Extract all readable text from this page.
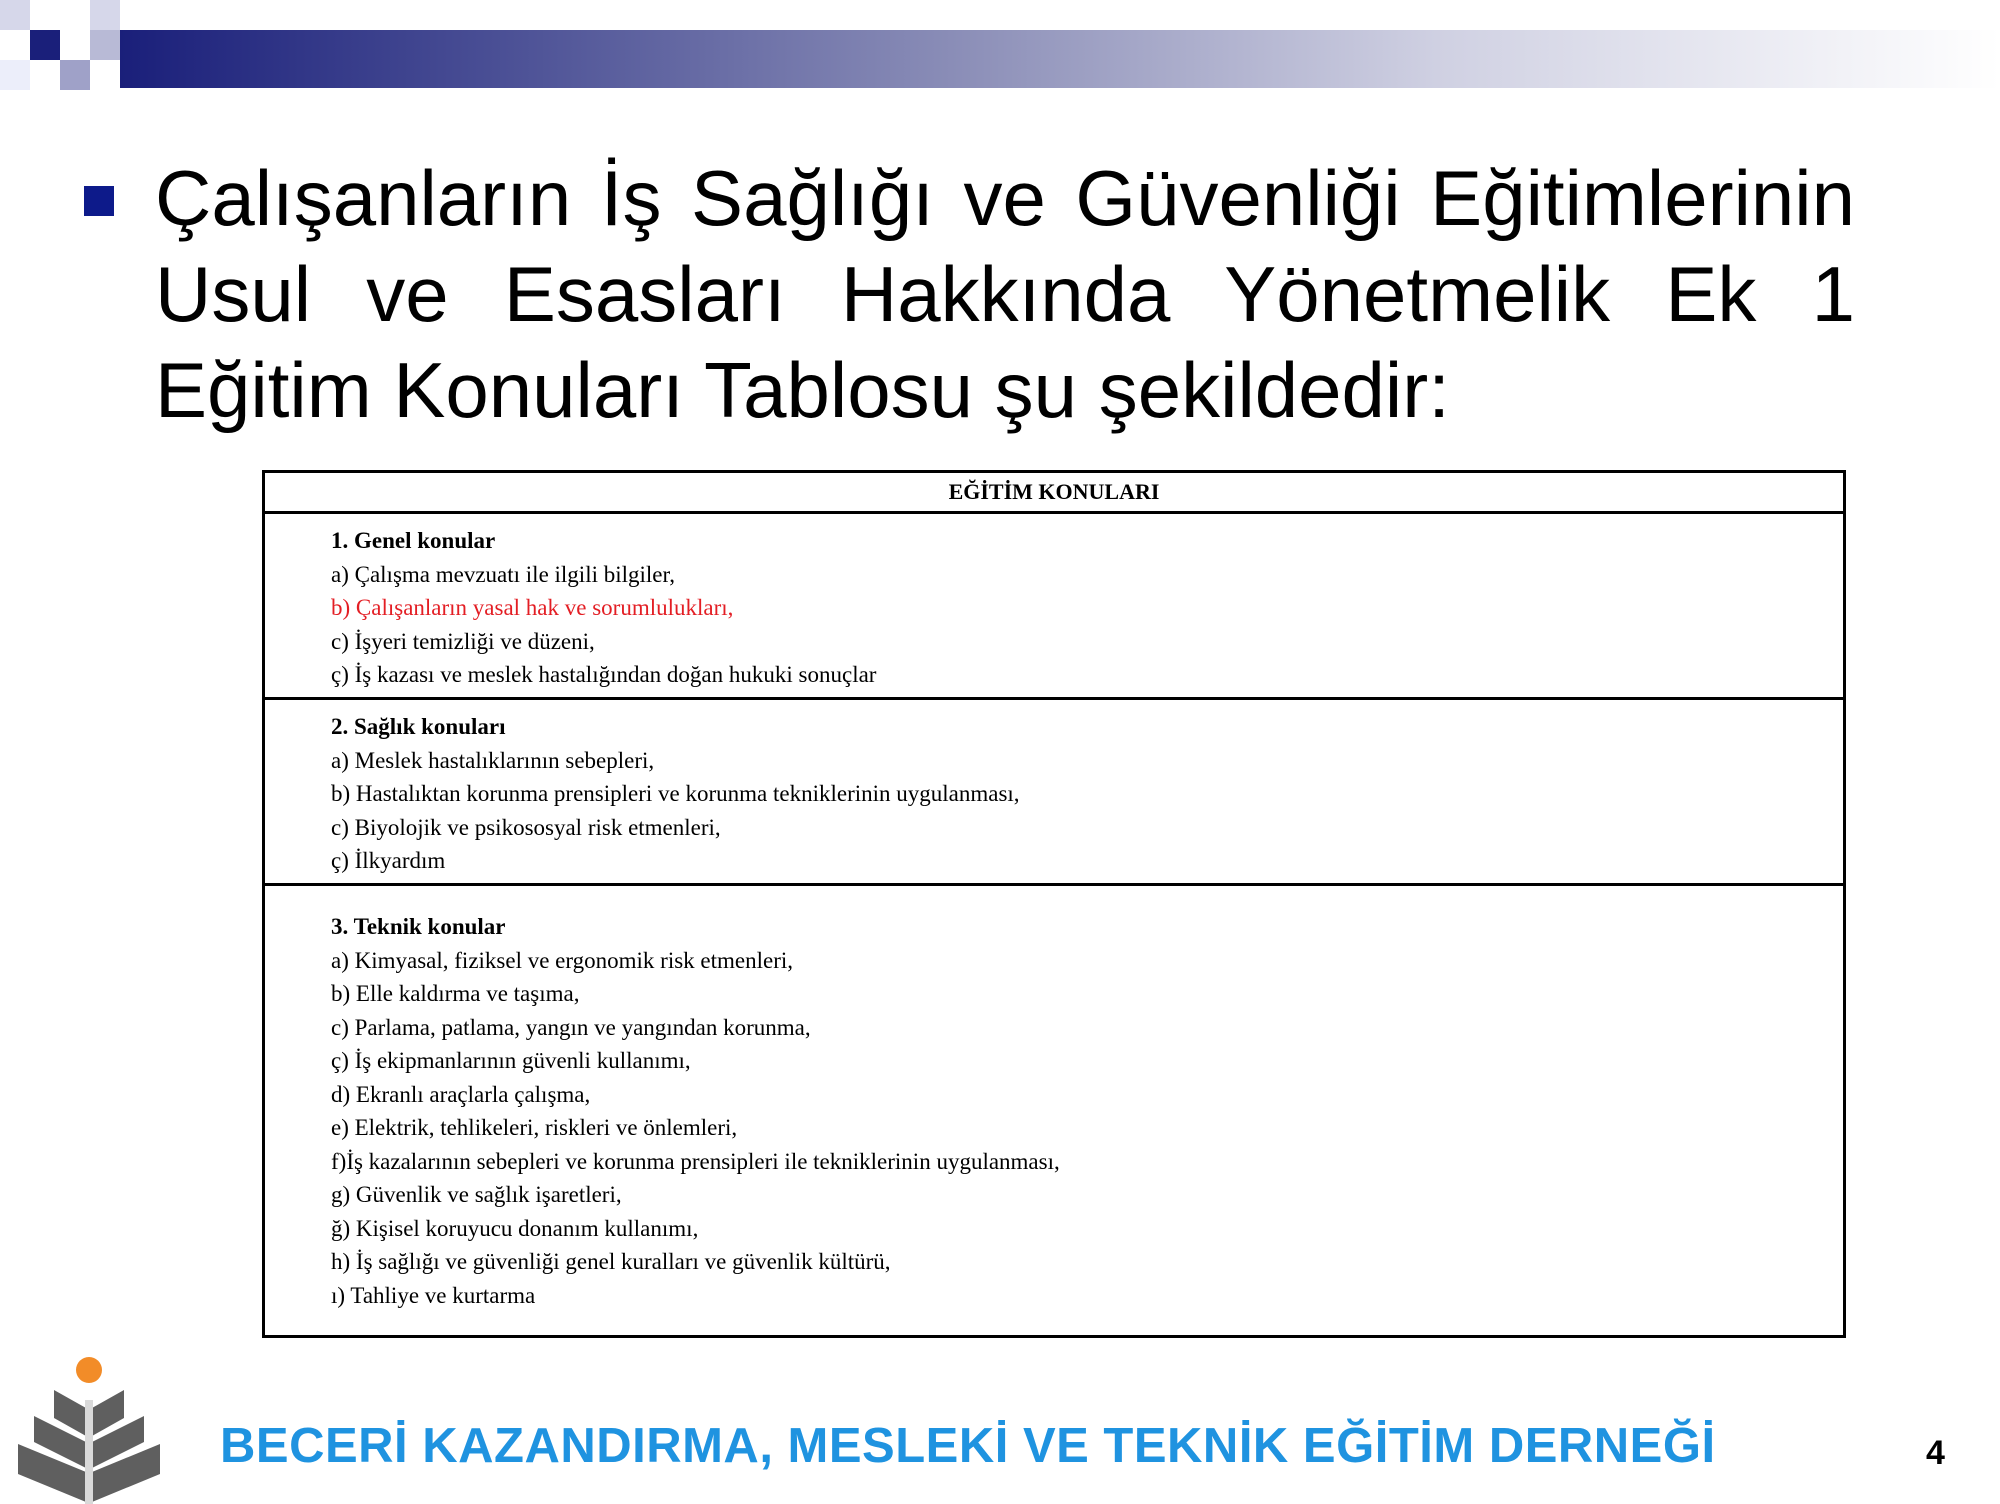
Çalışanların İş Sağlığı ve Güvenliği Eğitimlerinin
Usul ve Esasları Hakkında Yönetmelik Ek 1
Eğitim Konuları Tablosu şu şekildedir:
EĞİTİM KONULARI
1. Genel konular
a) Çalışma mevzuatı ile ilgili bilgiler,
b) Çalışanların yasal hak ve sorumlulukları,
c) İşyeri temizliği ve düzeni,
ç) İş kazası ve meslek hastalığından doğan hukuki sonuçlar
2. Sağlık konuları
a) Meslek hastalıklarının sebepleri,
b) Hastalıktan korunma prensipleri ve korunma tekniklerinin uygulanması,
c) Biyolojik ve psikososyal risk etmenleri,
ç) İlkyardım
3. Teknik konular
a) Kimyasal, fiziksel ve ergonomik risk etmenleri,
b) Elle kaldırma ve taşıma,
c) Parlama, patlama, yangın ve yangından korunma,
ç) İş ekipmanlarının güvenli kullanımı,
d) Ekranlı araçlarla çalışma,
e) Elektrik, tehlikeleri, riskleri ve önlemleri,
f)İş kazalarının sebepleri ve korunma prensipleri ile tekniklerinin uygulanması,
g) Güvenlik ve sağlık işaretleri,
ğ) Kişisel koruyucu donanım kullanımı,
h) İş sağlığı ve güvenliği genel kuralları ve güvenlik kültürü,
ı) Tahliye ve kurtarma
BECERİ KAZANDIRMA, MESLEKİ VE TEKNİK EĞİTİM DERNEĞİ	4
